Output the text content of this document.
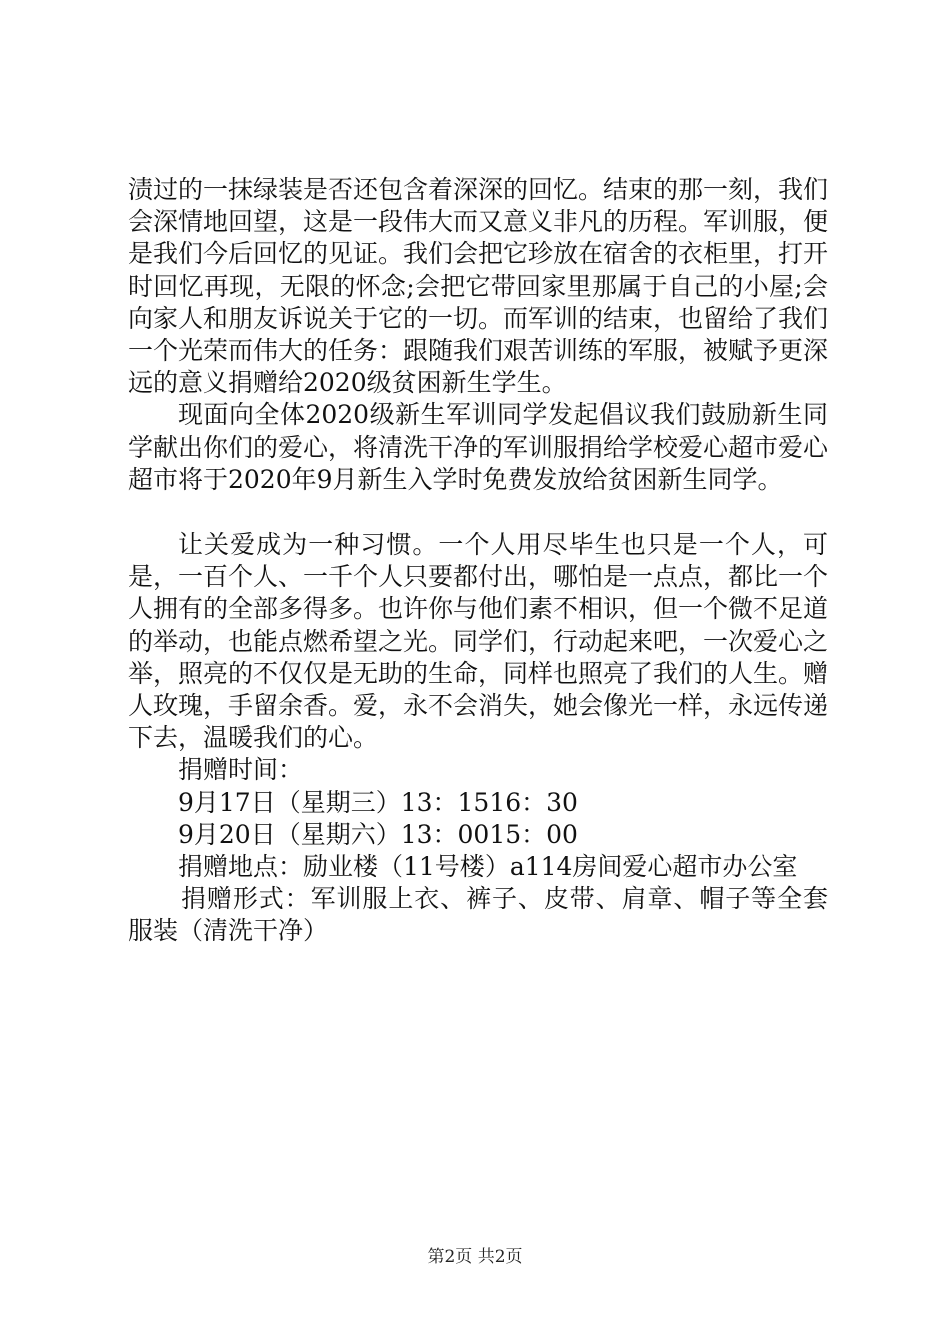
渍过的一抹绿装是否还包含着深深的回忆。结束的那一刻，我们会深情地回望，这是一段伟大而又意义非凡的历程。军训服，便是我们今后回忆的见证。我们会把它珍放在宿舍的衣柜里，打开时回忆再现，无限的怀念;会把它带回家里那属于自己的小屋;会向家人和朋友诉说关于它的一切。而军训的结束，也留给了我们一个光荣而伟大的任务：跟随我们艰苦训练的军服，被赋予更深远的意义捐赠给2020级贫困新生学生。

现面向全体2020级新生军训同学发起倡议我们鼓励新生同学献出你们的爱心，将清洗干净的军训服捐给学校爱心超市爱心超市将于2020年9月新生入学时免费发放给贫困新生同学。

让关爱成为一种习惯。一个人用尽毕生也只是一个人，可是，一百个人、一千个人只要都付出，哪怕是一点点，都比一个人拥有的全部多得多。也许你与他们素不相识，但一个微不足道的举动，也能点燃希望之光。同学们，行动起来吧，一次爱心之举，照亮的不仅仅是无助的生命，同样也照亮了我们的人生。赠人玫瑰，手留余香。爱，永不会消失，她会像光一样，永远传递下去，温暖我们的心。

捐赠时间：

9月17日（星期三）13：1516：30

9月20日（星期六）13：0015：00

捐赠地点：励业楼（11号楼）a114房间爱心超市办公室

捐赠形式：军训服上衣、裤子、皮带、肩章、帽子等全套服装（清洗干净）

第2页 共2页
